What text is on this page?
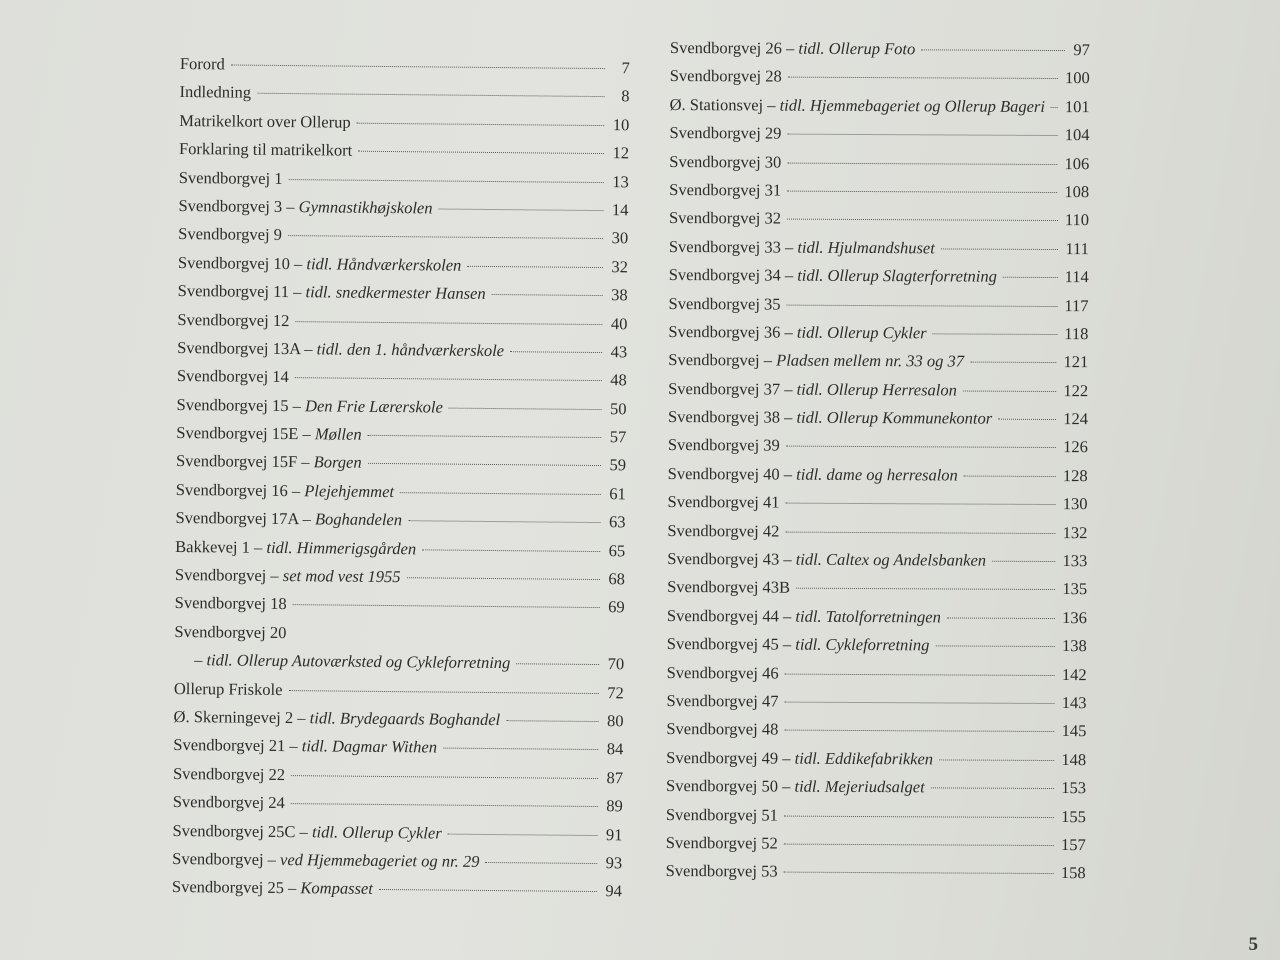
Forord	7
Indledning	8
Matrikelkort over Ollerup	10
Forklaring til matrikelkort	12
Svendborgvej 1	13
Svendborgvej 3 – Gymnastikhøjskolen	14
Svendborgvej 9	30
Svendborgvej 10 – tidl. Håndværkerskolen	32
Svendborgvej 11 – tidl. snedkermester Hansen	38
Svendborgvej 12	40
Svendborgvej 13A – tidl. den 1. håndværkerskole	43
Svendborgvej 14	48
Svendborgvej 15 – Den Frie Lærerskole	50
Svendborgvej 15E – Møllen	57
Svendborgvej 15F – Borgen	59
Svendborgvej 16 – Plejehjemmet	61
Svendborgvej 17A – Boghandelen	63
Bakkevej 1 – tidl. Himmerigsgården	65
Svendborgvej – set mod vest 1955	68
Svendborgvej 18	69
Svendborgvej 20
– tidl. Ollerup Autoværksted og Cykleforretning	70
Ollerup Friskole	72
Ø. Skerningevej 2 – tidl. Brydegaards Boghandel	80
Svendborgvej 21 – tidl. Dagmar Withen	84
Svendborgvej 22	87
Svendborgvej 24	89
Svendborgvej 25C – tidl. Ollerup Cykler	91
Svendborgvej – ved Hjemmebageriet og nr. 29	93
Svendborgvej 25 – Kompasset	94
Svendborgvej 26 – tidl. Ollerup Foto	97
Svendborgvej 28	100
Ø. Stationsvej – tidl. Hjemmebageriet og Ollerup Bageri 101
Svendborgvej 29	104
Svendborgvej 30	106
Svendborgvej 31	108
Svendborgvej 32	110
Svendborgvej 33 – tidl. Hjulmandshuset	111
Svendborgvej 34 – tidl. Ollerup Slagterforretning	114
Svendborgvej 35	117
Svendborgvej 36 – tidl. Ollerup Cykler	118
Svendborgvej – Pladsen mellem nr. 33 og 37	121
Svendborgvej 37 – tidl. Ollerup Herresalon	122
Svendborgvej 38 – tidl. Ollerup Kommunekontor	124
Svendborgvej 39	126
Svendborgvej 40 – tidl. dame og herresalon	128
Svendborgvej 41	130
Svendborgvej 42	132
Svendborgvej 43 – tidl. Caltex og Andelsbanken	133
Svendborgvej 43B	135
Svendborgvej 44 – tidl. Tatolforretningen	136
Svendborgvej 45 – tidl. Cykleforretning	138
Svendborgvej 46	142
Svendborgvej 47	143
Svendborgvej 48	145
Svendborgvej 49 – tidl. Eddikefabrikken	148
Svendborgvej 50 – tidl. Mejeriudsalget	153
Svendborgvej 51	155
Svendborgvej 52	157
Svendborgvej 53	158
5
